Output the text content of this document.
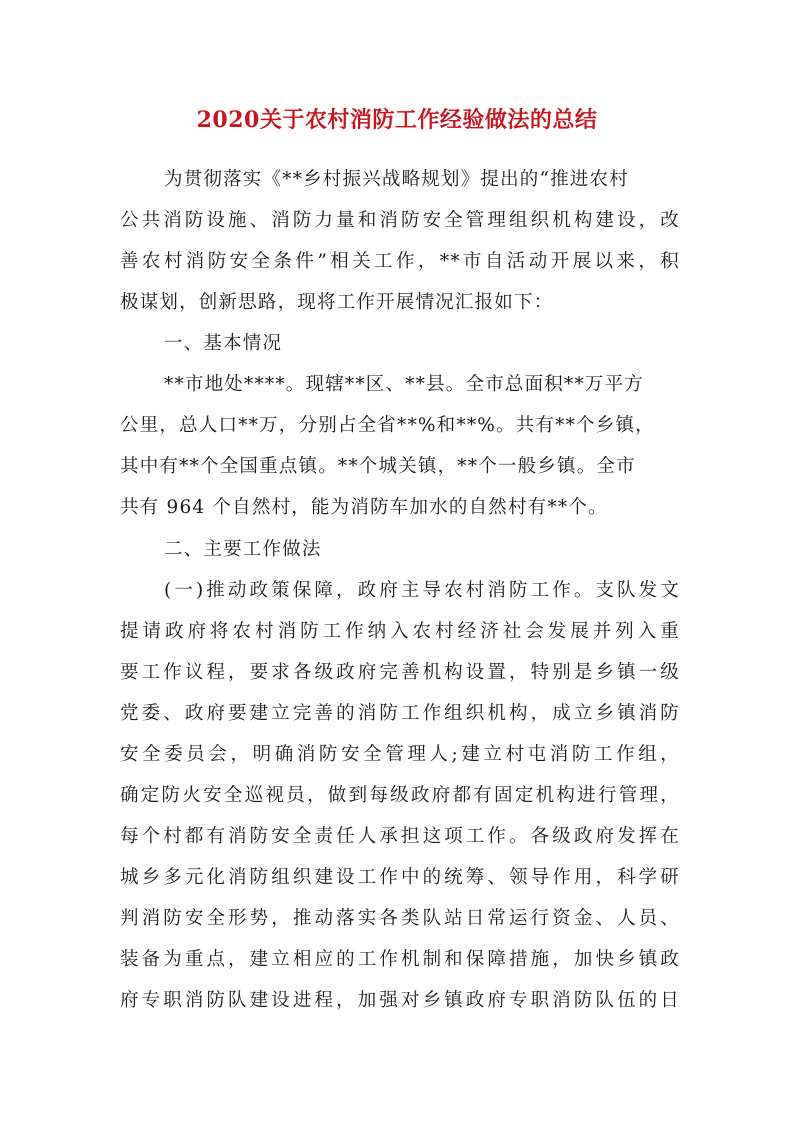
2020关于农村消防工作经验做法的总结
为贯彻落实《**乡村振兴战略规划》提出的“推进农村
公共消防设施、消防力量和消防安全管理组织机构建设，改
善农村消防安全条件”相关工作，**市自活动开展以来，积
极谋划，创新思路，现将工作开展情况汇报如下：
一、基本情况
**市地处****。现辖**区、**县。全市总面积**万平方
公里，总人口**万，分别占全省**%和**%。共有**个乡镇，
其中有**个全国重点镇。**个城关镇，**个一般乡镇。全市
共有 964 个自然村，能为消防车加水的自然村有**个。
二、主要工作做法
(一)推动政策保障，政府主导农村消防工作。支队发文
提请政府将农村消防工作纳入农村经济社会发展并列入重
要工作议程，要求各级政府完善机构设置，特别是乡镇一级
党委、政府要建立完善的消防工作组织机构，成立乡镇消防
安全委员会，明确消防安全管理人;建立村屯消防工作组，
确定防火安全巡视员，做到每级政府都有固定机构进行管理，
每个村都有消防安全责任人承担这项工作。各级政府发挥在
城乡多元化消防组织建设工作中的统筹、领导作用，科学研
判消防安全形势，推动落实各类队站日常运行资金、人员、
装备为重点，建立相应的工作机制和保障措施，加快乡镇政
府专职消防队建设进程，加强对乡镇政府专职消防队伍的日
